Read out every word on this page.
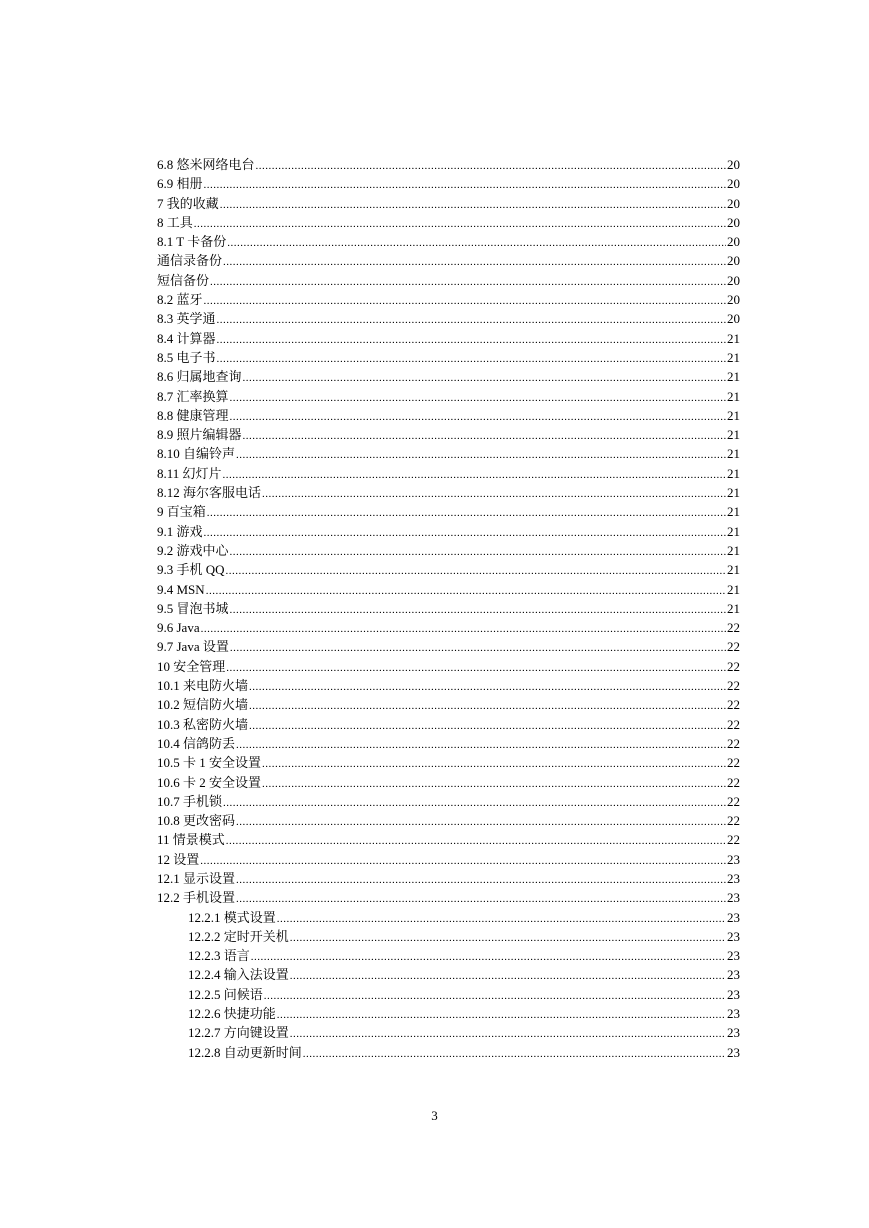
6.8 悠米网络电台 .....	20
6.9 相册 .....	20
7 我的收藏 .....	20
8 工具 .....	20
8.1 T 卡备份 .....	20
通信录备份 .....	20
短信备份 .....	20
8.2 蓝牙 .....	20
8.3 英学通 .....	20
8.4 计算器 .....	21
8.5 电子书 .....	21
8.6 归属地查询 .....	21
8.7 汇率换算 .....	21
8.8 健康管理 .....	21
8.9 照片编辑器 .....	21
8.10 自编铃声 .....	21
8.11 幻灯片 .....	21
8.12 海尔客服电话 .....	21
9 百宝箱 .....	21
9.1 游戏 .....	21
9.2 游戏中心 .....	21
9.3 手机 QQ .....	21
9.4 MSN .....	21
9.5 冒泡书城 .....	21
9.6 Java .....	22
9.7 Java 设置 .....	22
10 安全管理 .....	22
10.1 来电防火墙 .....	22
10.2 短信防火墙 .....	22
10.3 私密防火墙 .....	22
10.4 信鸽防丢 .....	22
10.5 卡 1 安全设置 .....	22
10.6 卡 2 安全设置 .....	22
10.7 手机锁 .....	22
10.8 更改密码 .....	22
11 情景模式 .....	22
12 设置 .....	23
12.1 显示设置 .....	23
12.2 手机设置 .....	23
12.2.1 模式设置 .....	23
12.2.2 定时开关机 .....	23
12.2.3 语言 .....	23
12.2.4 输入法设置 .....	23
12.2.5 问候语 .....	23
12.2.6 快捷功能 .....	23
12.2.7 方向键设置 .....	23
12.2.8 自动更新时间 .....	23
3
